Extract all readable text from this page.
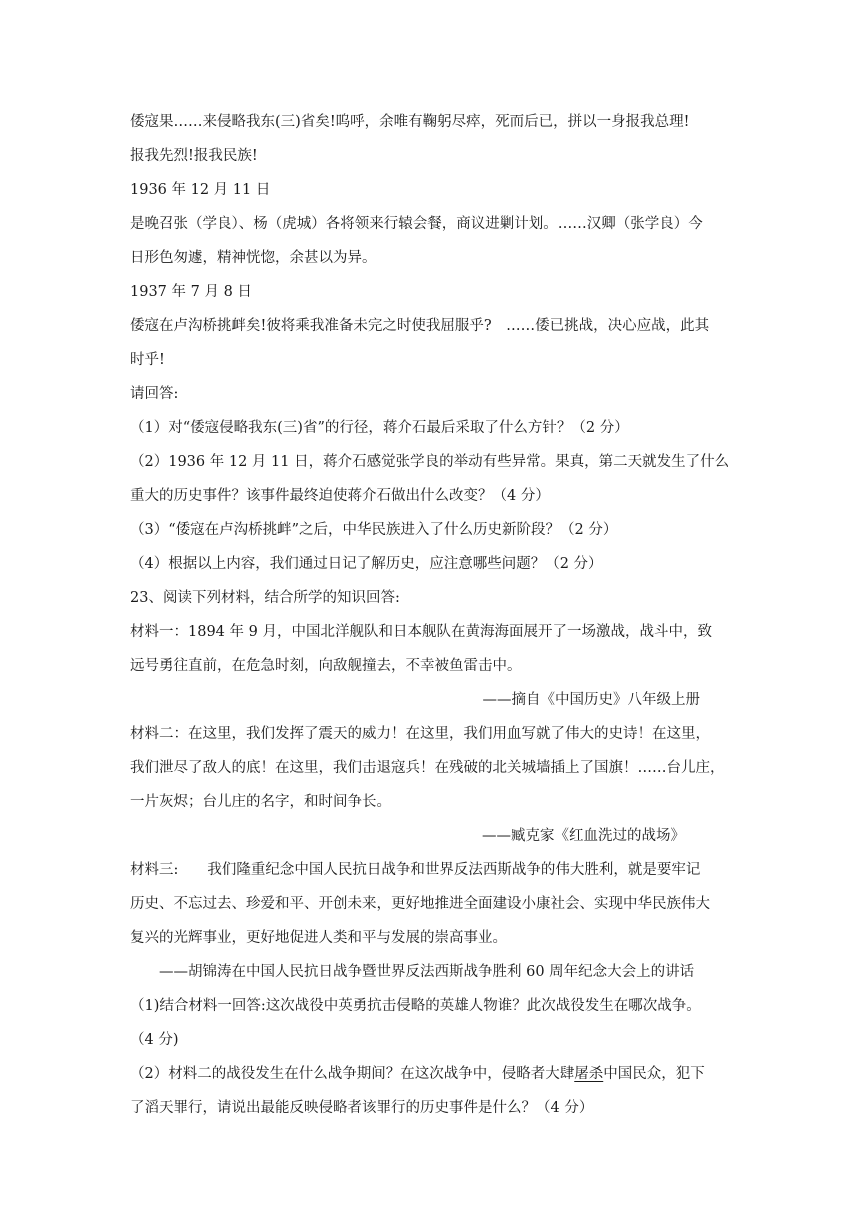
倭寇果……来侵略我东(三)省矣!呜呼，余唯有鞠躬尽瘁，死而后已，拼以一身报我总理!
报我先烈!报我民族!
1936 年 12 月 11 日
是晚召张（学良）、杨（虎城）各将领来行辕会餐，商议进剿计划。……汉卿（张学良）今
日形色匆遽，精神恍惚，余甚以为异。
1937 年 7 月 8 日
倭寇在卢沟桥挑衅矣!彼将乘我准备未完之时使我屈服乎?　……倭已挑战，决心应战，此其
时乎!
请回答:
（1）对“倭寇侵略我东(三)省”的行径，蒋介石最后采取了什么方针？（2 分）
（2）1936 年 12 月 11 日，蒋介石感觉张学良的举动有些异常。果真，第二天就发生了什么
重大的历史事件？该事件最终迫使蒋介石做出什么改变？（4 分）
（3）“倭寇在卢沟桥挑衅”之后，中华民族进入了什么历史新阶段？（2 分）
（4）根据以上内容，我们通过日记了解历史，应注意哪些问题？（2 分）
23、阅读下列材料，结合所学的知识回答:
材料一：1894 年 9 月，中国北洋舰队和日本舰队在黄海海面展开了一场激战，战斗中，致
远号勇往直前，在危急时刻，向敌舰撞去，不幸被鱼雷击中。
——摘自《中国历史》八年级上册
材料二：在这里，我们发挥了震天的威力！在这里，我们用血写就了伟大的史诗！在这里，
我们泄尽了敌人的底！在这里，我们击退寇兵！在残破的北关城墙插上了国旗！……台儿庄，
一片灰烬；台儿庄的名字，和时间争长。
——臧克家《红血洗过的战场》
材料三:　　我们隆重纪念中国人民抗日战争和世界反法西斯战争的伟大胜利，就是要牢记
历史、不忘过去、珍爱和平、开创未来，更好地推进全面建设小康社会、实现中华民族伟大
复兴的光辉事业，更好地促进人类和平与发展的崇高事业。
　　——胡锦涛在中国人民抗日战争暨世界反法西斯战争胜利 60 周年纪念大会上的讲话
（1)结合材料一回答:这次战役中英勇抗击侵略的英雄人物谁？此次战役发生在哪次战争。
（4 分)
（2）材料二的战役发生在什么战争期间？在这次战争中，侵略者大肆屠杀中国民众，犯下
了滔天罪行，请说出最能反映侵略者该罪行的历史事件是什么？（4 分）
